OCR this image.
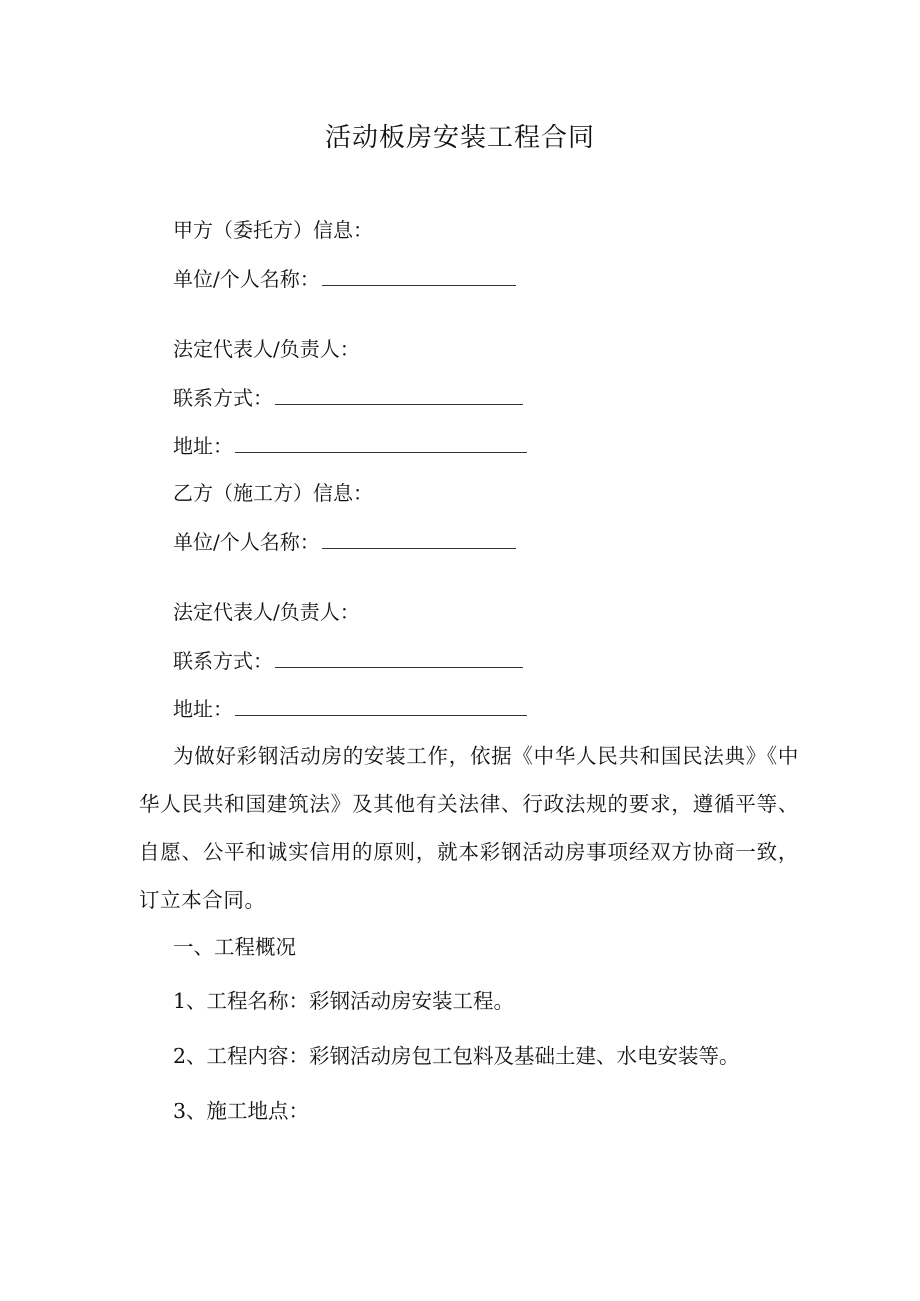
活动板房安装工程合同
甲方（委托方）信息：
单位/个人名称：
法定代表人/负责人：
联系方式：
地址：
乙方（施工方）信息：
单位/个人名称：
法定代表人/负责人：
联系方式：
地址：
为做好彩钢活动房的安装工作，依据《中华人民共和国民法典》《中华人民共和国建筑法》及其他有关法律、行政法规的要求，遵循平等、自愿、公平和诚实信用的原则，就本彩钢活动房事项经双方协商一致，订立本合同。
一、工程概况
1、工程名称：彩钢活动房安装工程。
2、工程内容：彩钢活动房包工包料及基础土建、水电安装等。
3、施工地点：
